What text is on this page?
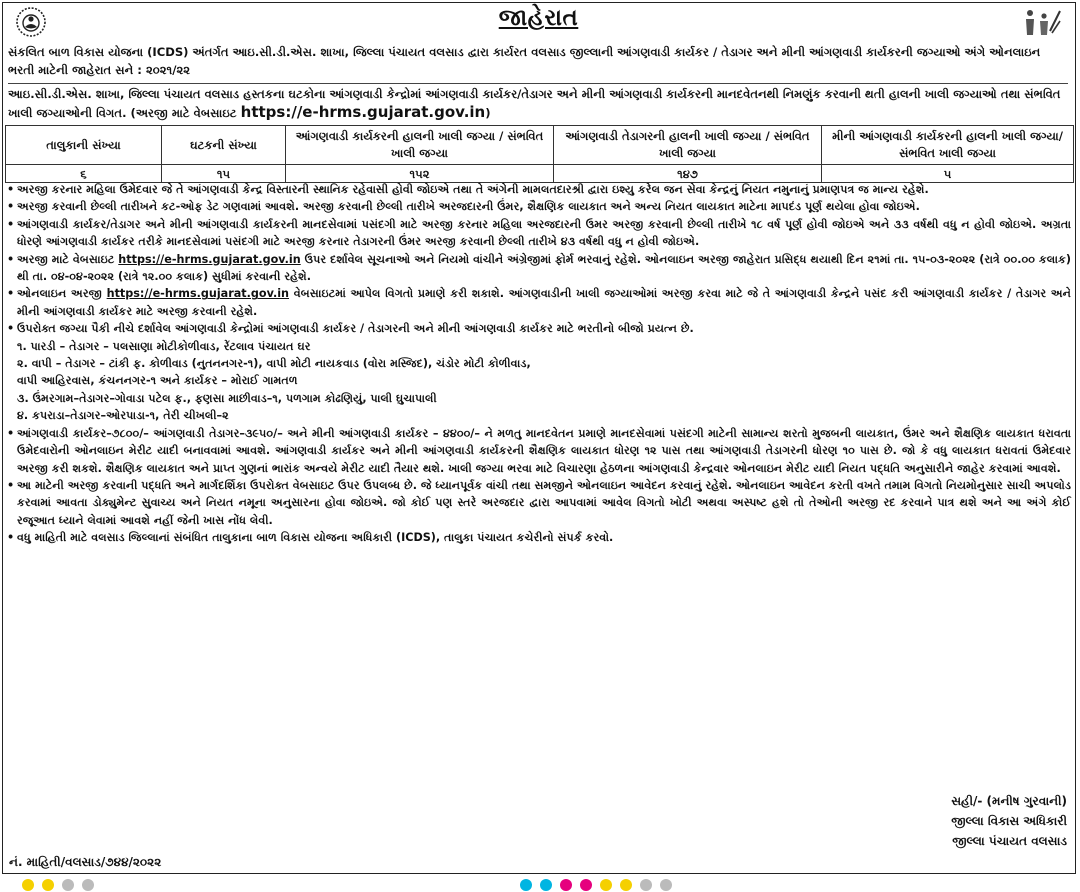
જાહેરાત
સંકલિત બાળ વિકાસ યોજના (ICDS) અંતર્ગત આઇ.સી.ડી.એસ. શાખા, જિલ્લા પંચાયત વલસાડ દ્વારા કાર્યરત વલસાડ જીલ્લાની આંગણવાડી કાર્યકર / તેડાગર અને મીની આંગણવાડી કાર્યકરની જગ્યાઓ અંગે ઓનલાઇન ભરતી માટેની જાહેરાત સને : ૨૦૨૧/૨૨
આઇ.સી.ડી.એસ. શાખા, જિલ્લા પંચાયત વલસાડ હસ્તકના ઘટકોના આંગણવાડી કેન્દ્રોમાં આંગણવાડી કાર્યકર/તેડાગર અને મીની આંગણવાડી કાર્યકરની માનદવેતનથી નિમણુંક કરવાની થતી હાલની ખાલી જગ્યાઓ તથા સંભવિત ખાલી જગ્યાઓની વિગત. (અરજી માટે વેબસાઇટ https://e-hrms.gujarat.gov.in)
તાલુકાની સંખ્યા	ઘટકની સંખ્યા	આંગણવાડી કાર્યકરની હાલની ખાલી જગ્યા / સંભવિત ખાલી જગ્યા	આંગણવાડી તેડાગરની હાલની ખાલી જગ્યા / સંભવિત ખાલી જગ્યા	મીની આંગણવાડી કાર્યકરની હાલની ખાલી જગ્યા/ સંભવિત ખાલી જગ્યા
૬	૧૫	૧૫૨	૧૪૭	૫
• અરજી કરનાર મહિલા ઉમેદવાર જે તે આંગણવાડી કેન્દ્ર વિસ્તારની સ્થાનિક રહેવાસી હોવી જોઇએ તથા તે અંગેની મામલતદારશ્રી દ્વારા ઇશ્યુ કરેલ જન સેવા કેન્દ્રનું નિયત નમુનાનું પ્રમાણપત્ર જ માન્ય રહેશે.
• અરજી કરવાની છેલ્લી તારીખને કટ-ઓફ ડેટ ગણવામાં આવશે. અરજી કરવાની છેલ્લી તારીખે અરજદારની ઉંમર, શૈક્ષણિક લાયકાત અને અન્ય નિયત લાયકાત માટેના માપદંડ પૂર્ણ થયેલા હોવા જોઇએ.
• આંગણવાડી કાર્યકર/તેડાગર અને મીની આંગણવાડી કાર્યકરની માનદસેવામાં પસંદગી માટે અરજી કરનાર મહિલા અરજદારની ઉમર અરજી કરવાની છેલ્લી તારીખે ૧૮ વર્ષ પૂર્ણ હોવી જોઇએ અને ૩૩ વર્ષથી વધુ ન હોવી જોઇએ. અગ્રતા ધોરણે આંગણવાડી કાર્યકર તરીકે માનદસેવામાં પસંદગી માટે અરજી કરનાર તેડાગરની ઉંમર અરજી કરવાની છેલ્લી તારીખે ૪૩ વર્ષથી વધુ ન હોવી જોઇએ.
• અરજી માટે વેબસાઇટ https://e-hrms.gujarat.gov.in ઉપર દર્શાવેલ સૂચનાઓ અને નિયમો વાંચીને અંગ્રેજીમાં ફોર્મ ભરવાનું રહેશે. ઓનલાઇન અરજી જાહેરાત પ્રસિદ્ધ થયાથી દિન ૨૧માં તા. ૧૫-૦૩-૨૦૨૨ (રાત્રે ૦૦.૦૦ કલાક) થી તા. ૦૪-૦૪-૨૦૨૨ (રાત્રે ૧૨.૦૦ કલાક) સુધીમાં કરવાની રહેશે.
• ઓનલાઇન અરજી https://e-hrms.gujarat.gov.in વેબસાઇટમાં આપેલ વિગતો પ્રમાણે કરી શકાશે. આંગણવાડીની ખાલી જગ્યાઓમાં અરજી કરવા માટે જે તે આંગણવાડી કેન્દ્રને પસંદ કરી આંગણવાડી કાર્યકર / તેડાગર અને મીની આંગણવાડી કાર્યકર માટે અરજી કરવાની રહેશે.
• ઉપરોક્ત જગ્યા પૈકી નીચે દર્શાવેલ આંગણવાડી કેન્દ્રોમાં આંગણવાડી કાર્યકર / તેડાગરની અને મીની આંગણવાડી કાર્યકર માટે ભરતીનો બીજો પ્રયત્ન છે.
૧. પારડી – તેડાગર – પલસાણા મોટીકોળીવાડ, રેંટલાવ પંચાયત ઘર
૨. વાપી – તેડાગર – ટાંકી ફ. કોળીવાડ (નુતનનગર-૧), વાપી મોટી નાયકવાડ (વોરા મસ્જિદ), ચંડોર મોટી કોળીવાડ,
વાપી આહિરવાસ, કંચનનગર-૧ અને કાર્યકર – મોરાઈ ગામતળ
૩. ઉંમરગામ–તેડાગર–ગોવાડા પટેલ ફ., ફણસા માછીવાડ–૧, પળગામ કોઢણિયું, પાલી ઘુચાપાલી
૪. કપરાડા–તેડાગર–ઓરપાડા-૧, તેરી ચીખલી–૨
• આંગણવાડી કાર્યકર–૭૮૦૦/– આંગણવાડી તેડાગર–૩૯૫૦/– અને મીની આંગણવાડી કાર્યકર – ૪૪૦૦/– ને મળતુ માનદવેતન પ્રમાણે માનદસેવામાં પસંદગી માટેની સામાન્ય શરતો મુજબની લાયકાત, ઉંમર અને શૈક્ષણિક લાયકાત ધરાવતા ઉમેદવારોની ઓનલાઇન મેરીટ યાદી બનાવવામાં આવશે. આંગણવાડી કાર્યકર અને મીની આંગણવાડી કાર્યકરની શૈક્ષણિક લાયકાત ધોરણ ૧૨ પાસ તથા આંગણવાડી તેડાગરની ધોરણ ૧૦ પાસ છે. જો કે વધુ લાયકાત ધરાવતાં ઉમેદવાર અરજી કરી શકશે. શૈક્ષણિક લાયકાત અને પ્રાપ્ત ગુણનાં ભારાંક અન્વયે મેરીટ યાદી તૈયાર થશે. ખાલી જગ્યા ભરવા માટે વિચારણા હેઠળના આંગણવાડી કેન્દ્રવાર ઓનલાઇન મેરીટ યાદી નિયત પદ્ધતિ અનુસારીને જાહેર કરવામાં આવશે.
• આ માટેની અરજી કરવાની પદ્ધતિ અને માર્ગદર્શિકા ઉપરોક્ત વેબસાઇટ ઉપર ઉપલબ્ધ છે. જે ધ્યાનપૂર્વક વાંચી તથા સમજીને ઓનલાઇન આવેદન કરવાનું રહેશે. ઓનલાઇન આવેદન કરતી વખતે તમામ વિગતો નિયમોનુસાર સાચી અપલોડ કરવામાં આવતા ડોક્યુમેન્ટ સુવાચ્ય અને નિયત નમૂના અનુસારના હોવા જોઇએ. જો કોઈ પણ સ્તરે અરજદાર દ્વારા આપવામાં આવેલ વિગતો ખોટી અથવા અસ્પષ્ટ હશે તો તેઓની અરજી રદ કરવાને પાત્ર થશે અને આ અંગે કોઈ રજૂઆત ધ્યાને લેવામાં આવશે નહીં જેની ખાસ નોંધ લેવી.
• વધુ માહિતી માટે વલસાડ જિલ્લાનાં સંબંધિત તાલુકાના બાળ વિકાસ યોજના અધિકારી (ICDS), તાલુકા પંચાયત કચેરીનો સંપર્ક કરવો.
સહી/- (મનીષ ગુરવાની)
જીલ્લા વિકાસ અધિકારી
જીલ્લા પંચાયત વલસાડ
નં. માહિતી/વલસાડ/૭૪૪/૨૦૨૨
